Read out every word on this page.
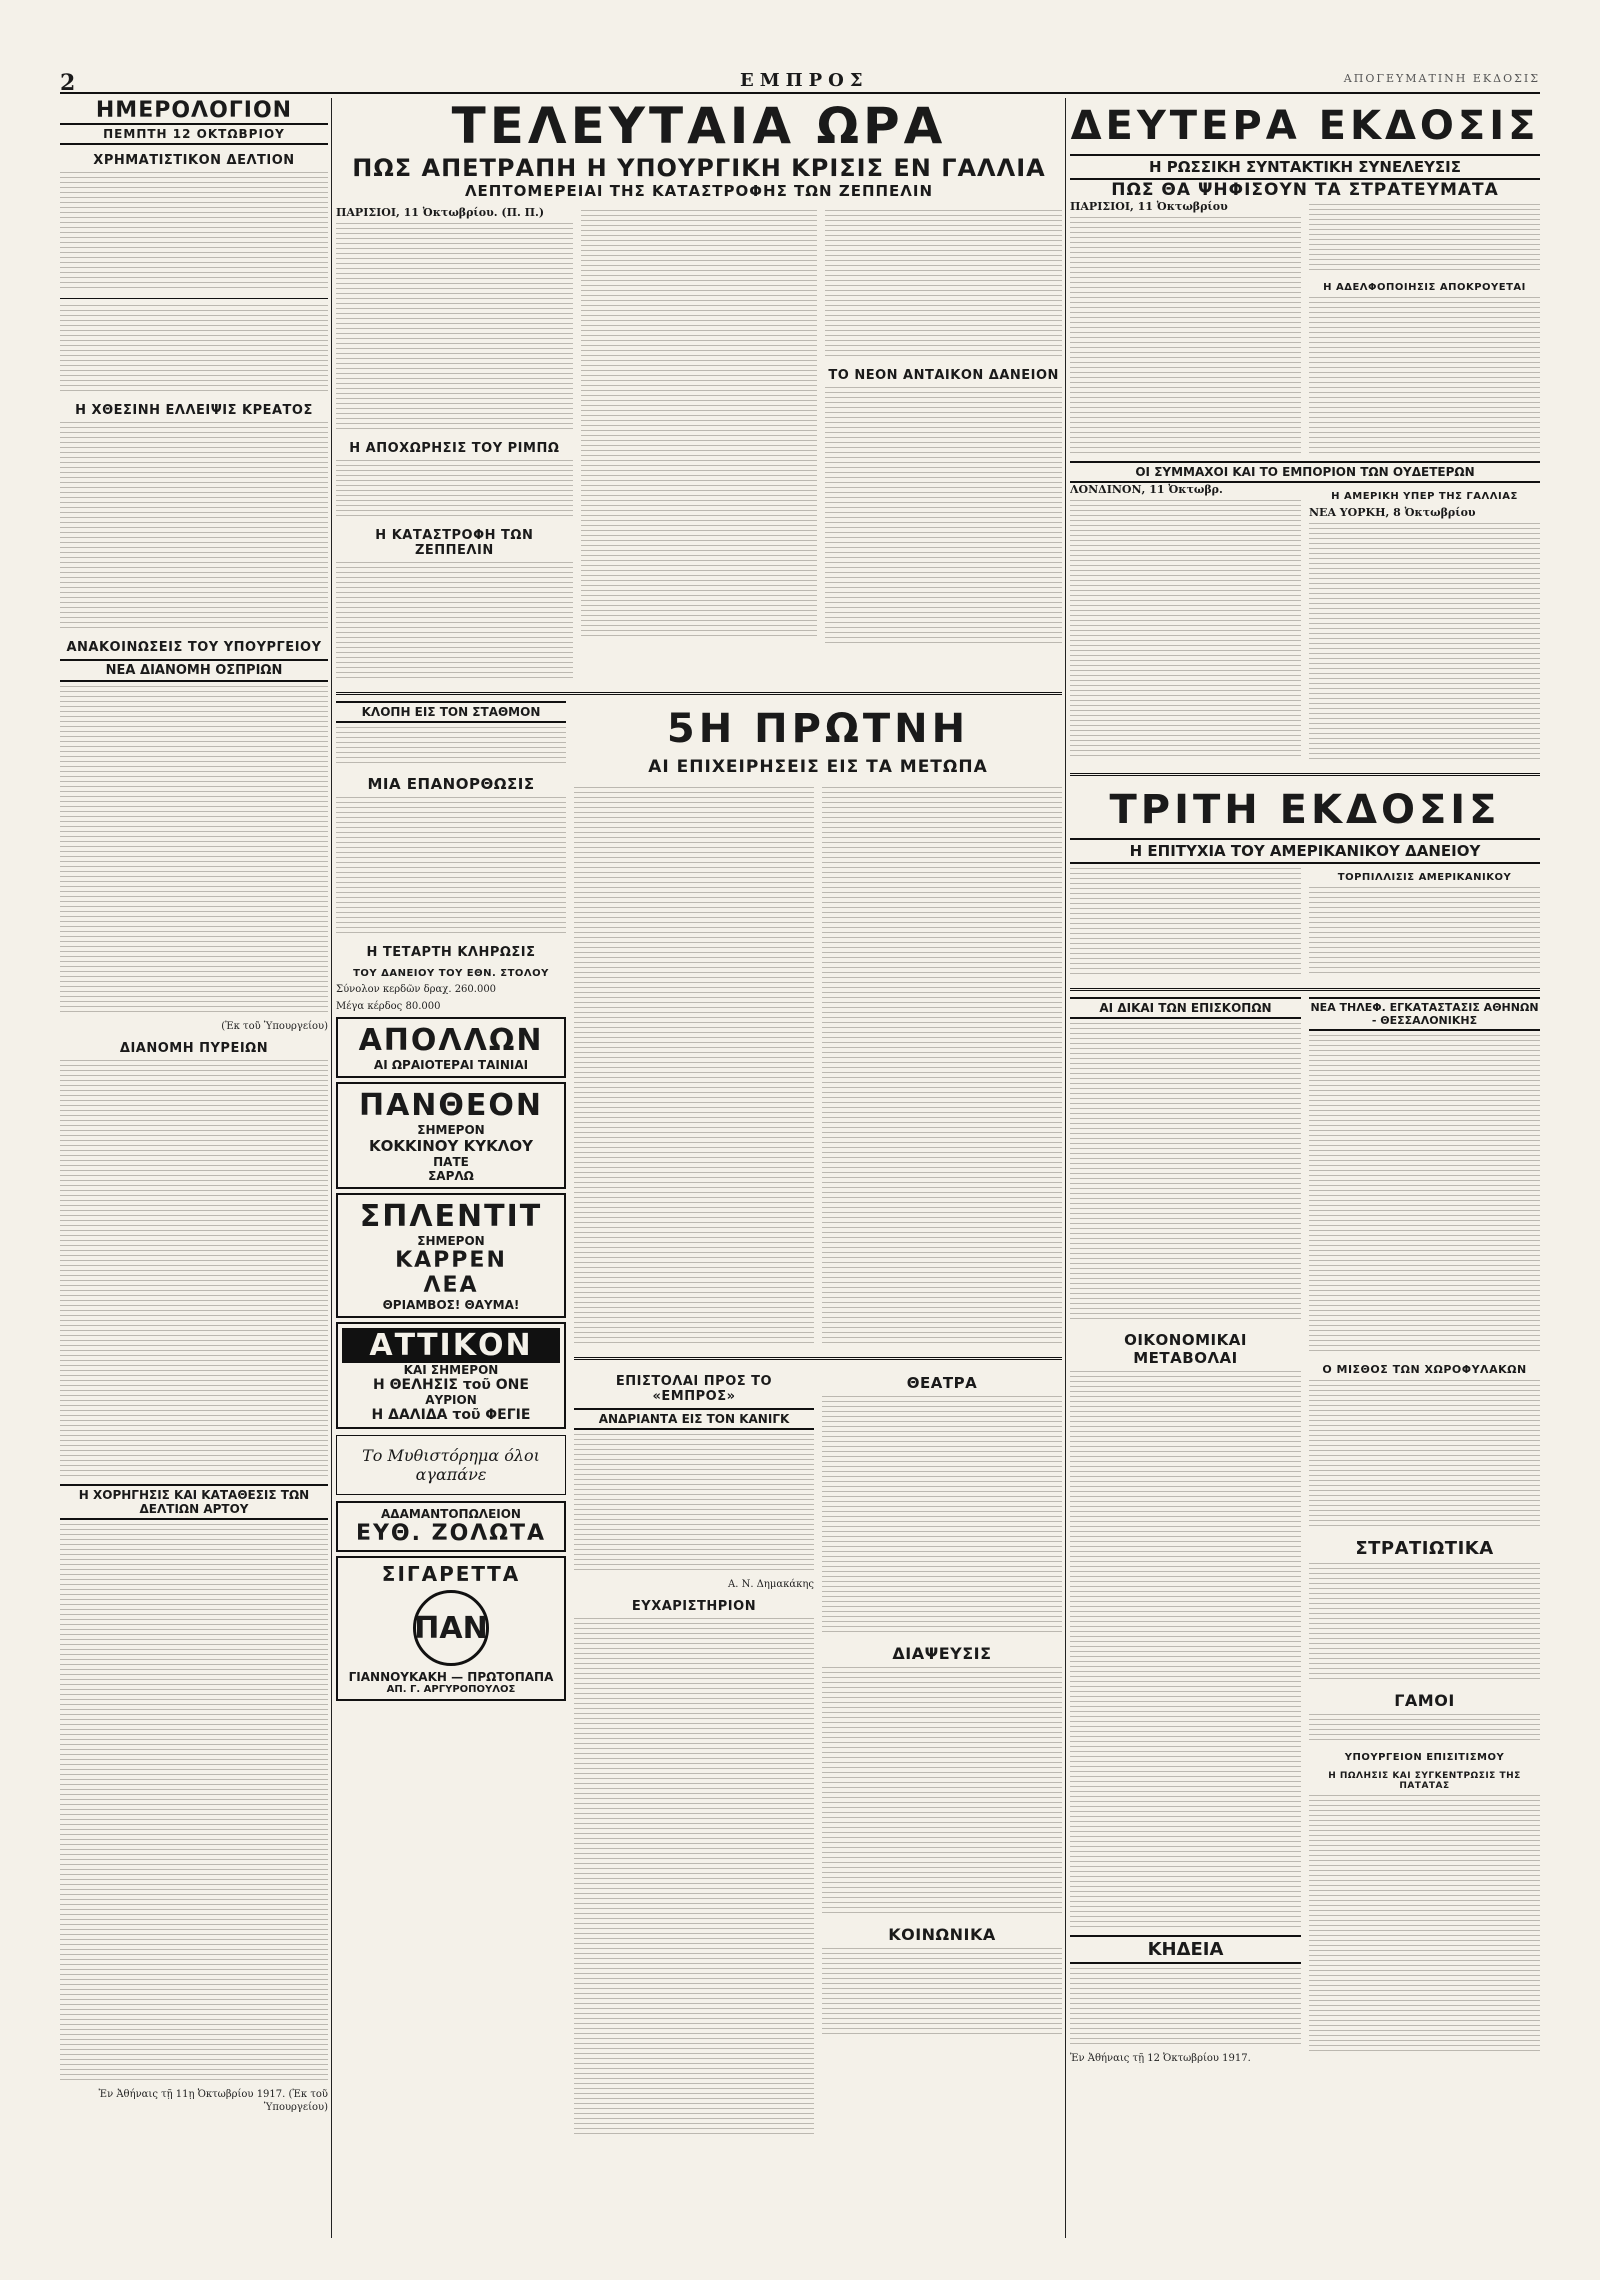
2	ΕΜΠΡΟΣ	ΑΠΟΓΕΥΜΑΤΙΝΗ ΕΚΔΟΣΙΣ
ΗΜΕΡΟΛΟΓΙΟΝ
ΠΕΜΠΤΗ 12 ΟΚΤΩΒΡΙΟΥ
ΧΡΗΜΑΤΙΣΤΙΚΟΝ ΔΕΛΤΙΟΝ
Η ΧΘΕΣΙΝΗ ΕΛΛΕΙΨΙΣ ΚΡΕΑΤΟΣ
ΑΝΑΚΟΙΝΩΣΕΙΣ ΤΟΥ ΥΠΟΥΡΓΕΙΟΥ
ΝΕΑ ΔΙΑΝΟΜΗ ΟΣΠΡΙΩΝ
(Ἐκ τοῦ Ὑπουργείου)
ΔΙΑΝΟΜΗ ΠΥΡΕΙΩΝ
Η ΧΟΡΗΓΗΣΙΣ ΚΑΙ ΚΑΤΑΘΕΣΙΣ ΤΩΝ ΔΕΛΤΙΩΝ ΑΡΤΟΥ
Ἐν Ἀθήναις τῇ 11ῃ Ὀκτωβρίου 1917. (Ἐκ τοῦ Ὑπουργείου)
ΤΕΛΕΥΤΑΙΑ ΩΡΑ
ΠΩΣ ΑΠΕΤΡΑΠΗ Η ΥΠΟΥΡΓΙΚΗ ΚΡΙΣΙΣ ΕΝ ΓΑΛΛΙΑ
ΛΕΠΤΟΜΕΡΕΙΑΙ ΤΗΣ ΚΑΤΑΣΤΡΟΦΗΣ ΤΩΝ ΖΕΠΠΕΛΙΝ
ΠΑΡΙΣΙΟΙ, 11 Ὀκτωβρίου. (Π. Π.)
Η ΑΠΟΧΩΡΗΣΙΣ ΤΟΥ ΡΙΜΠΩ
Η ΚΑΤΑΣΤΡΟΦΗ ΤΩΝ ΖΕΠΠΕΛΙΝ
ΤΟ ΝΕΟΝ ΑΝΤΑΙΚΟΝ ΔΑΝΕΙΟΝ
ΚΛΟΠΗ ΕΙΣ ΤΟΝ ΣΤΑΘΜΟΝ
ΜΙΑ ΕΠΑΝΟΡΘΩΣΙΣ
Η ΤΕΤΑΡΤΗ ΚΛΗΡΩΣΙΣ
ΤΟΥ ΔΑΝΕΙΟΥ ΤΟΥ ΕΘΝ. ΣΤΟΛΟΥ
Σύνολον κερδῶν δραχ. 260.000
Μέγα κέρδος 80.000
ΑΠΟΛΛΩΝ
ΑΙ ΩΡΑΙΟΤΕΡΑΙ ΤΑΙΝΙΑΙ
ΠΑΝΘΕΟΝ
ΣΗΜΕΡΟΝ
ΚΟΚΚΙΝΟΥ ΚΥΚΛΟΥ
ΠΑΤΕ
ΣΑΡΛΩ
ΣΠΛΕΝΤΙΤ
ΣΗΜΕΡΟΝ
ΚΑΡΡΕΝ
ΛΕΑ
ΘΡΙΑΜΒΟΣ! ΘΑΥΜΑ!
ΑΤΤΙΚΟΝ
ΚΑΙ ΣΗΜΕΡΟΝ
Η ΘΕΛΗΣΙΣ τοῦ ΟΝΕ
ΑΥΡΙΟΝ
Η ΔΑΛΙΔΑ τοῦ ΦΕΓΙΕ
Το Μυθιστόρημα όλοι αγαπάνε
ΑΔΑΜΑΝΤΟΠΩΛΕΙΟΝ
ΕΥΘ. ΖΟΛΩΤΑ
ΣΙΓΑΡΕΤΤΑ
ΠΑΝ
ΓΙΑΝΝΟΥΚΑΚΗ — ΠΡΩΤΟΠΑΠΑ
ΑΠ. Γ. ΑΡΓΥΡΟΠΟΥΛΟΣ
5Η ΠΡΩΤΝΗ
ΑΙ ΕΠΙΧΕΙΡΗΣΕΙΣ ΕΙΣ ΤΑ ΜΕΤΩΠΑ
ΕΠΙΣΤΟΛΑΙ ΠΡΟΣ ΤΟ «ΕΜΠΡΟΣ»
ΑΝΔΡΙΑΝΤΑ ΕΙΣ ΤΟΝ ΚΑΝΙΓΚ
Α. Ν. Δημακάκης
ΕΥΧΑΡΙΣΤΗΡΙΟΝ
ΘΕΑΤΡΑ
ΔΙΑΨΕΥΣΙΣ
ΚΟΙΝΩΝΙΚΑ
ΔΕΥΤΕΡΑ ΕΚΔΟΣΙΣ
Η ΡΩΣΣΙΚΗ ΣΥΝΤΑΚΤΙΚΗ ΣΥΝΕΛΕΥΣΙΣ
ΠΩΣ ΘΑ ΨΗΦΙΣΟΥΝ ΤΑ ΣΤΡΑΤΕΥΜΑΤΑ
ΠΑΡΙΣΙΟΙ, 11 Ὀκτωβρίου
Η ΑΔΕΛΦΟΠΟΙΗΣΙΣ ΑΠΟΚΡΟΥΕΤΑΙ
ΟΙ ΣΥΜΜΑΧΟΙ ΚΑΙ ΤΟ ΕΜΠΟΡΙΟΝ ΤΩΝ ΟΥΔΕΤΕΡΩΝ
ΛΟΝΔΙΝΟΝ, 11 Ὀκτωβρ.
Η ΑΜΕΡΙΚΗ ΥΠΕΡ ΤΗΣ ΓΑΛΛΙΑΣ
ΝΕΑ ΥΟΡΚΗ, 8 Ὀκτωβρίου
ΤΡΙΤΗ ΕΚΔΟΣΙΣ
Η ΕΠΙΤΥΧΙΑ ΤΟΥ ΑΜΕΡΙΚΑΝΙΚΟΥ ΔΑΝΕΙΟΥ
ΤΟΡΠΙΛΛΙΣΙΣ ΑΜΕΡΙΚΑΝΙΚΟΥ
ΑΙ ΔΙΚΑΙ ΤΩΝ ΕΠΙΣΚΟΠΩΝ
ΟΙΚΟΝΟΜΙΚΑΙ ΜΕΤΑΒΟΛΑΙ
ΚΗΔΕΙΑ
Ἐν Ἀθήναις τῇ 12 Ὀκτωβρίου 1917.
ΝΕΑ ΤΗΛΕΦ. ΕΓΚΑΤΑΣΤΑΣΙΣ ΑΘΗΝΩΝ - ΘΕΣΣΑΛΟΝΙΚΗΣ
Ο ΜΙΣΘΟΣ ΤΩΝ ΧΩΡΟΦΥΛΑΚΩΝ
ΣΤΡΑΤΙΩΤΙΚΑ
ΓΑΜΟΙ
ΥΠΟΥΡΓΕΙΟΝ ΕΠΙΣΙΤΙΣΜΟΥ
Η ΠΩΛΗΣΙΣ ΚΑΙ ΣΥΓΚΕΝΤΡΩΣΙΣ ΤΗΣ ΠΑΤΑΤΑΣ
